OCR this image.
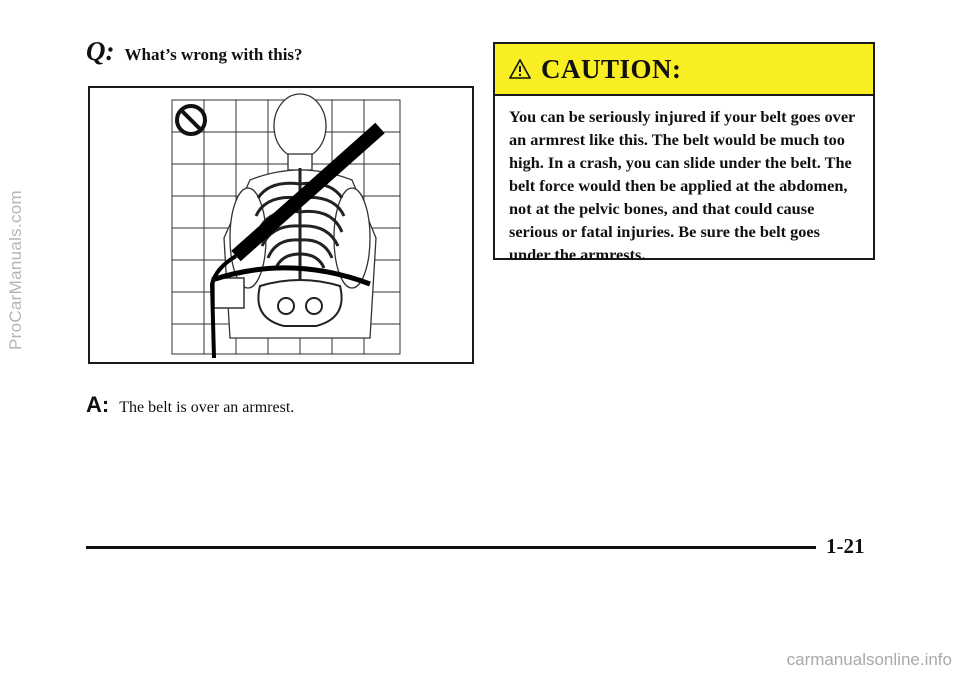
ProCarManuals.com
Q: What’s wrong with this?
A: The belt is over an armrest.
CAUTION:
You can be seriously injured if your belt goes over an armrest like this. The belt would be much too high. In a crash, you can slide under the belt. The belt force would then be applied at the abdomen, not at the pelvic bones, and that could cause serious or fatal injuries. Be sure the belt goes under the armrests.
1-21
carmanualsonline.info
